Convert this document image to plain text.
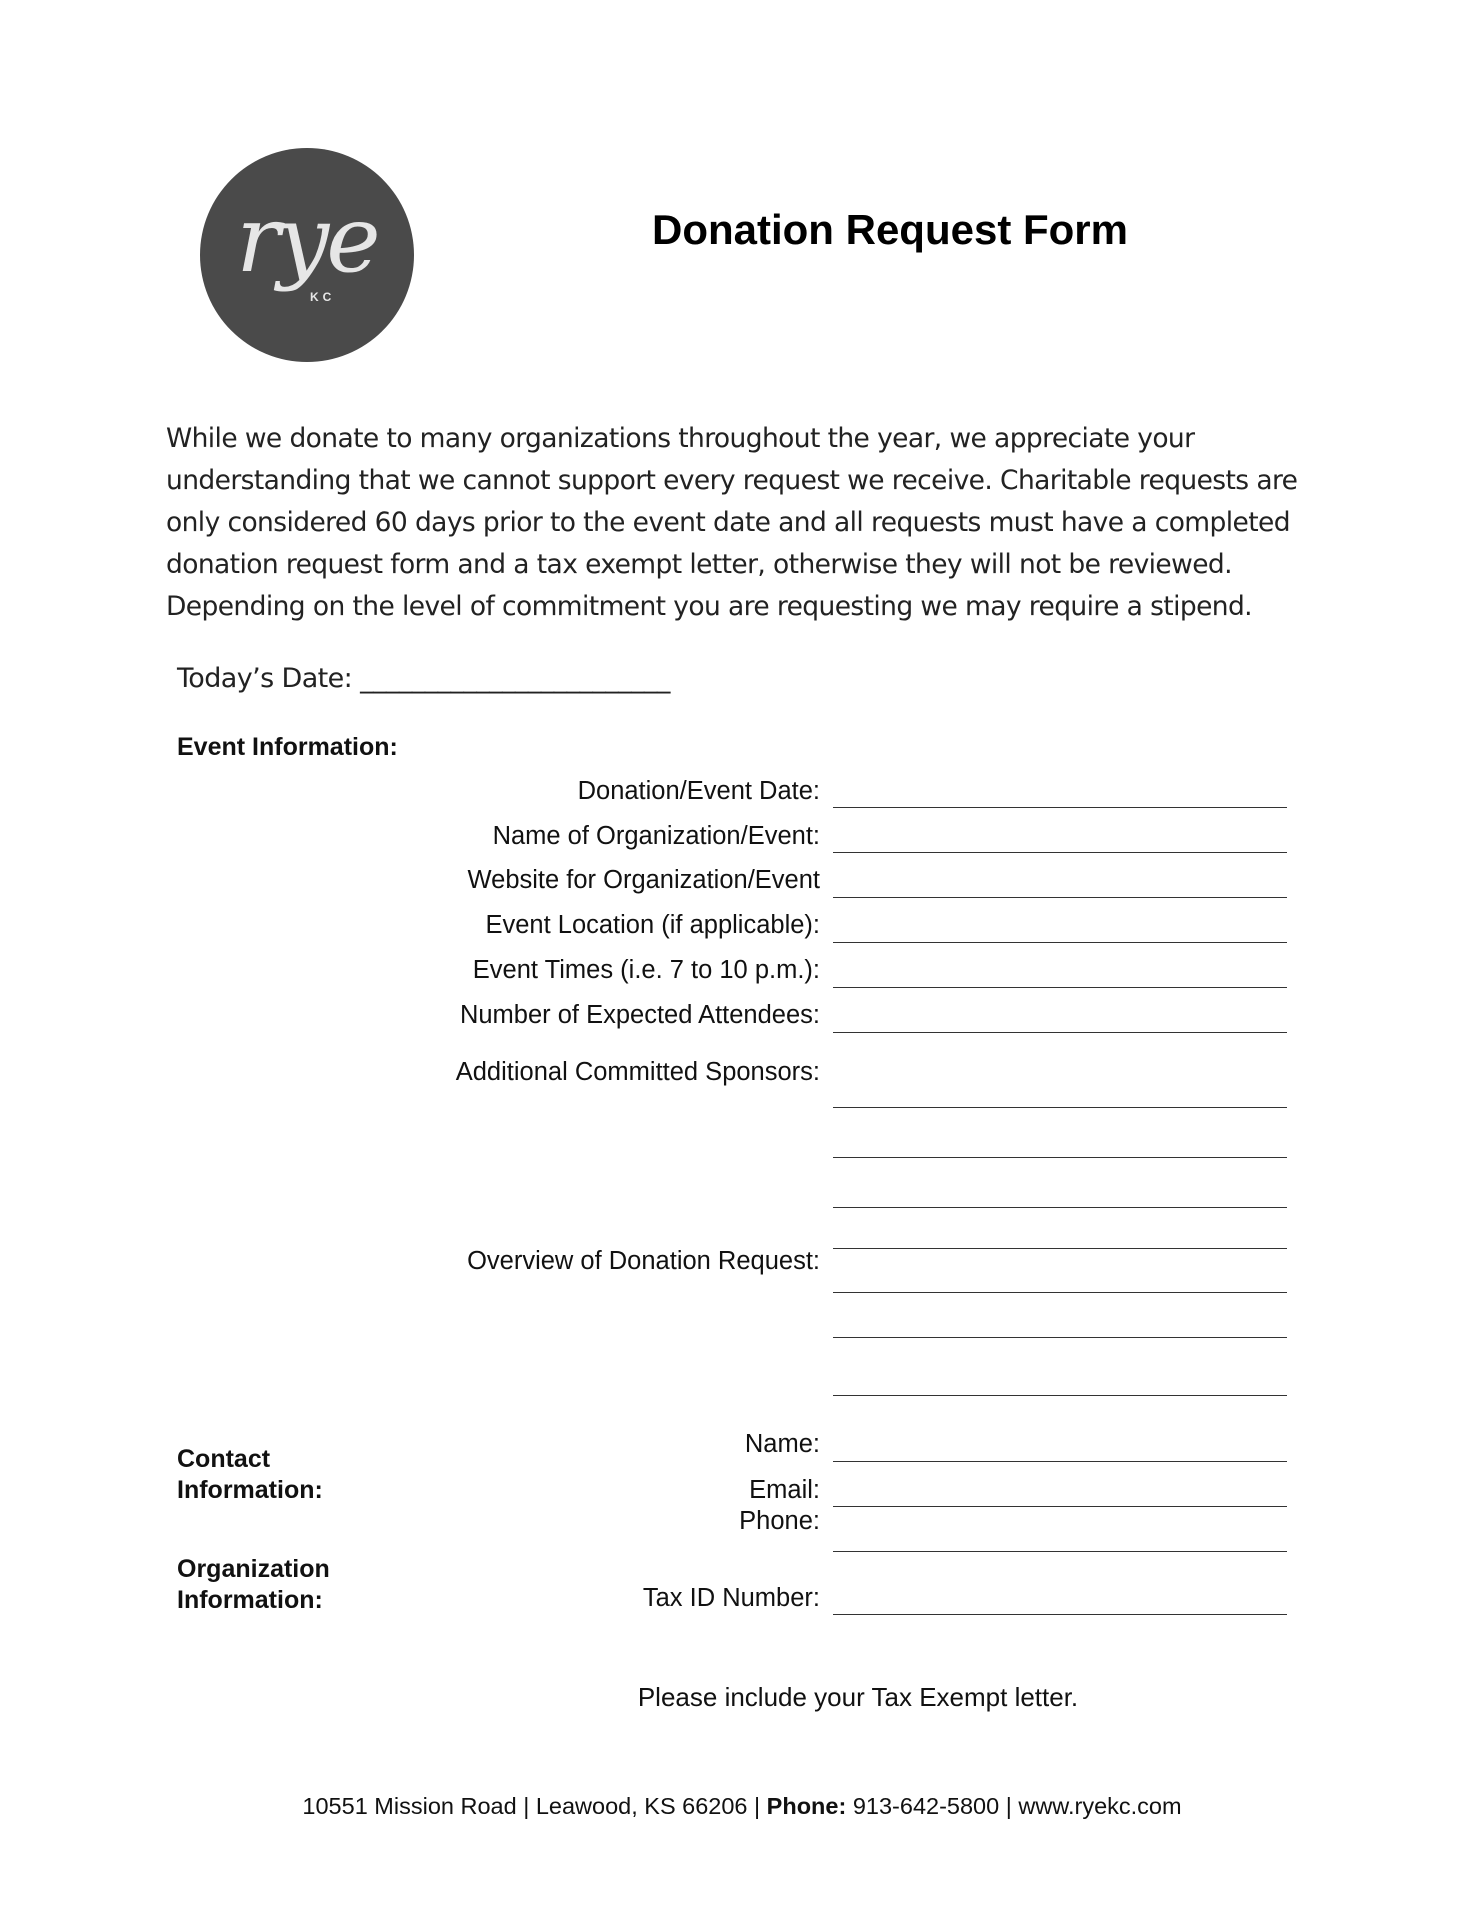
rye
KC
Donation Request Form
While we donate to many organizations throughout the year, we appreciate your understanding that we cannot support every request we receive. Charitable requests are only considered 60 days prior to the event date and all requests must have a completed donation request form and a tax exempt letter, otherwise they will not be reviewed. Depending on the level of commitment you are requesting we may require a stipend.
Today’s Date: ________________________
Event Information:
Donation/Event Date:
Name of Organization/Event:
Website for Organization/Event
Event Location (if applicable):
Event Times (i.e. 7 to 10 p.m.):
Number of Expected Attendees:
Additional Committed Sponsors:
Overview of Donation Request:
Contact Information:
Name:
Email:
Phone:
Organization Information:	Tax ID Number:
Please include your Tax Exempt letter.
10551 Mission Road | Leawood, KS 66206 | Phone: 913-642-5800 | www.ryekc.com
